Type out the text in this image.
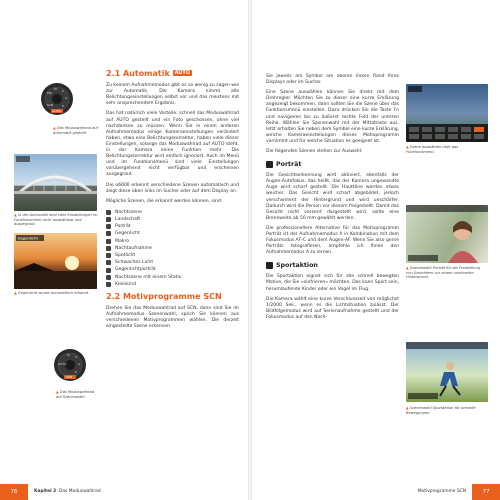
M S
A
P
MR
SCN
AUTO
▲ Das Moduswahlrad auf Automatik gestellt.
▲ In der Automatik sind viele Einstellungen im Funktionsmenü nicht auswählbar und ausgegraut.
Gegenlicht
▲ Gegenlicht wurde automatisch erkannt.
M S
A
P
AUTO
SCN
▲ Das Moduswahlrad auf Szenenwahl.
2.1 Automatik AUTO

Zu keinem Aufnahmemodus gibt es so wenig zu sagen wie zur Automatik. Die Kamera nimmt alle Belichtungseinstellungen selbst vor und das meistens mit sehr ansprechendem Ergebnis.

Das hat natürlich viele Vorteile: schnell das Moduswahlrad auf AUTO gestellt und ein Foto geschossen, ohne viel nachdenken zu müssen. Wenn Sie in einen anderen Aufnahmemodus einige Kameraeinstellungen verändert haben, etwa eine Belichtungskorrektur, haben viele dieser Einstellungen, solange das Moduswahlrad auf AUTO steht, in der Kamera keine Funktion mehr. Die Belichtungskorrektur wird einfach ignoriert. Auch im Menü und im Funktionsmenü sind viele Einstellungen vorübergehend nicht verfügbar und erscheinen ausgegraut.

Die α6600 erkennt verschiedene Szenen automatisch und zeigt diese oben links im Sucher oder auf dem Display an.

Mögliche Szenen, die erkannt werden können, sind:

Nachtszene
Landschaft
Porträt
Gegenlicht
Makro
Nachtaufnahme
Spotlicht
Schwaches Licht
Gegenlichtporträt
Nachtszene mit einem Stativ
Kleinkind
2.2 Motivprogramme SCN

Drehen Sie das Moduswahlrad auf SCN, dann sind Sie im Aufnahmemodus Szenenwahl, sprich Sie können aus verschiedenen Motivprogrammen wählen. Die derzeit eingestellte Szene erkennen

76	Kapitel 2 Das Moduswahlrad

Sie jeweils am Symbol am oberen linken Rand Ihres Displays oder im Sucher.

Eine Szene auswählen können Sie direkt mit dem Drehregler. Möchten Sie zu dieser eine kurze Erklärung angezeigt bekommen, dann sollten Sie die Szene über das Funktionsmenü einstellen. Dazu drücken Sie die Taste Fn und navigieren bis zu äußerst rechte Feld der unteren Reihe. Wählen Sie Szenenwahl mit der Mittaltaste aus, letzt erhalten Sie neben dem Symbol eine kurze Erklärung, welche Kameraeinstellungen dieses Motivprogramm vornimmt und für welche Situation es geeignet ist.

Die folgenden Szenen stehen zur Auswahl:

Porträt

Die Gesichtserkennung wird aktiviert, ebenfalls der Augen-Autofokus, das heißt, das der Kamera ungewandte Auge wird scharf gestellt. Die Hauttöne werden etwas weicher. Das Gesicht wird scharf abgebildet, jedoch verschwimmt der Hintergrund und wird unschärfer. Dadurch wird die Person vor diesem freigestellt. Damit das Gesicht nicht verzerrt dargestellt wird, sollte eine Brennweite ab 50 mm gewählt werden.

Die professionellere Alternative für das Motivprogramm Porträt ist der Aufnahmemodus A in Kombination mit dem Fokusmodus AF-C und dem Augen-AF. Wenn Sie also gerne Porträts fotografieren, empfehle ich Ihnen den Aufnahmemodus A zu lernen.

Sportaktion

Die Sportaktion eignet sich für alle schnell bewegten Motive, die Sie »einfrieren« möchten. Das kann Sport sein, herumlaufende Kinder oder ein Vogel im Flug.

Die Kamera wählt eine kurze Verschlusszeit von möglichst 1/2000 Sek., wenn es die Lichtsituation zulässt. Der Bildfolgemodus wird auf Serienaufnahme gestellt und der Fokusmodus auf den Nach-

▲ Szene auswählen über das Funktionsmenü.
▲ Szenenwahl Porträt für die Freistellung von Gesichtern vor einem unscharfen Hintergrund.
▲ Szenenwahl Sportaktion für schnelle Bewegungen.
Motivprogramme SCN	77
